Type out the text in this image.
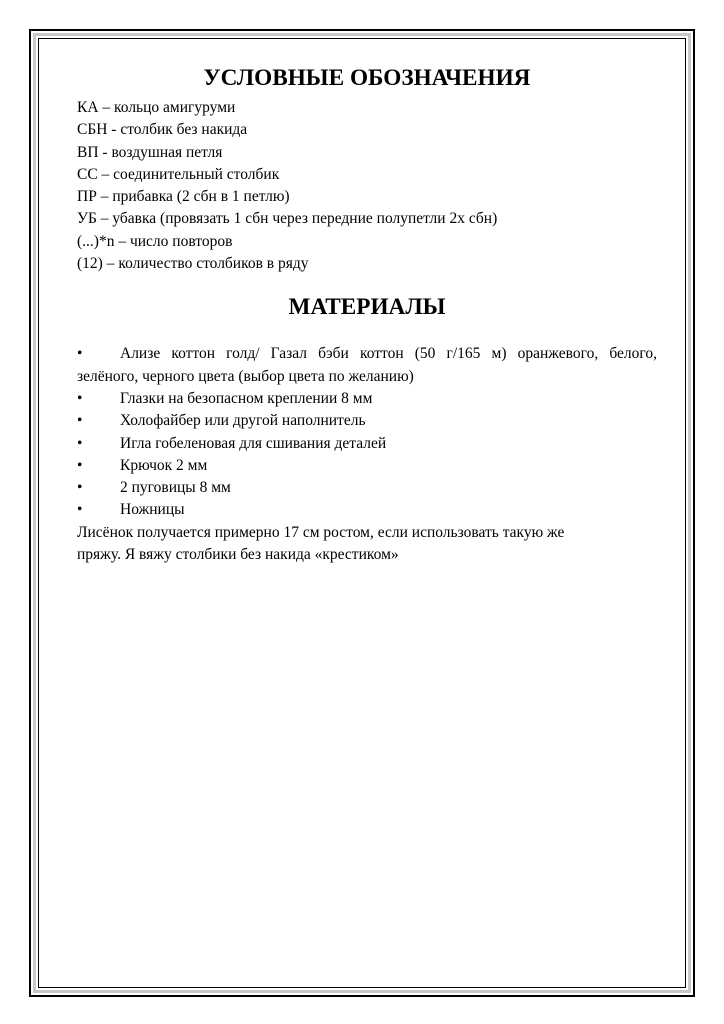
УСЛОВНЫЕ ОБОЗНАЧЕНИЯ

КА – кольцо амигуруми

СБН - столбик без накида

ВП - воздушная петля

СС – соединительный столбик

ПР – прибавка (2 сбн в 1 петлю)

УБ – убавка (провязать 1 сбн через передние полупетли 2х сбн)

(...)*n – число повторов

(12) – количество столбиков в ряду

МАТЕРИАЛЫ
• Ализе коттон голд/ Газал бэби коттон (50 г/165 м) оранжевого, белого,
зелёного, черного цвета (выбор цвета по желанию)
• Глазки на безопасном креплении 8 мм
• Холофайбер или другой наполнитель
• Игла гобеленовая для сшивания деталей
• Крючок 2 мм
• 2 пуговицы 8 мм
• Ножницы

Лисёнок получается примерно 17 см ростом, если использовать такую же
пряжу. Я вяжу столбики без накида «крестиком»
